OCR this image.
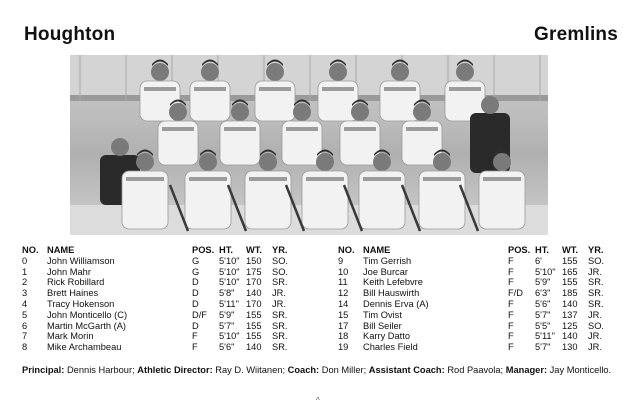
Houghton	Gremlins
NO. NAME	POS. HT. WT. YR.
0 John Williamson	G 5'10" 150 SO.
1 John Mahr	G 5'10" 175 SO.
2 Rick Robillard	D 5'10" 170 SR.
3 Brett Haines	D 5'8" 140 JR.
4 Tracy Hokenson	D 5'11" 170 JR.
5 John Monticello (C)	D/F 5'9" 155 SR.
6 Martin McGarth (A)	D 5'7" 155 SR.
7 Mark Morin	F 5'10" 155 SR.
8 Mike Archambeau	F 5'6" 140 SR.
NO. NAME	POS. HT. WT. YR.
9 Tim Gerrish	F 6' 155 SO.
10 Joe Burcar	F 5'10" 165 JR.
11 Keith Lefebvre	F 5'9" 155 SR.
12 Bill Hauswirth	F/D 6'3" 185 SR.
14 Dennis Erva (A)	F 5'6" 140 SR.
15 Tim Ovist	F 5'7" 137 JR.
17 Bill Seiler	F 5'5" 125 SO.
18 Karry Datto	F 5'11" 140 JR.
19 Charles Field	F 5'7" 130 JR.
Principal: Dennis Harbour; Athletic Director: Ray D. Wiitanen; Coach: Don Miller; Assistant Coach: Rod Paavola; Manager: Jay Monticello.
^
